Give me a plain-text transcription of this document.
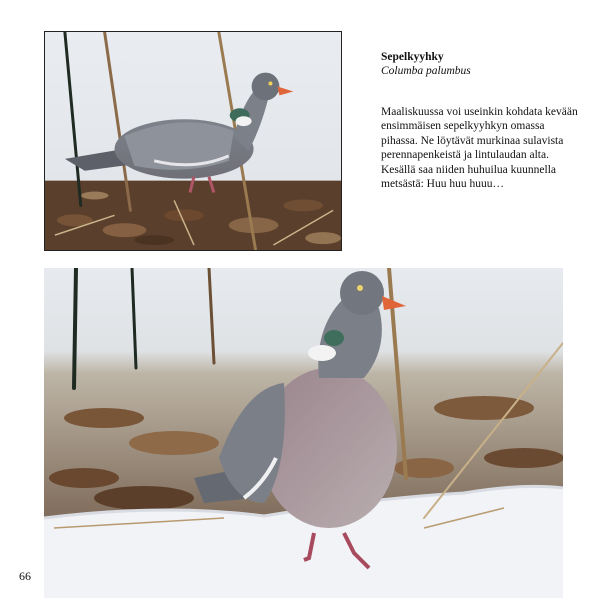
Sepelkyyhky
Columba palumbus
Maaliskuussa voi useinkin kohdata kevään ensimmäisen sepelkyyhkyn omassa pihassa. Ne löytävät murkinaa sulavista perennapenkeistä ja lintulaudan alta. Kesällä saa niiden huhuilua kuunnella metsästä: Huu huu huuu…
66
